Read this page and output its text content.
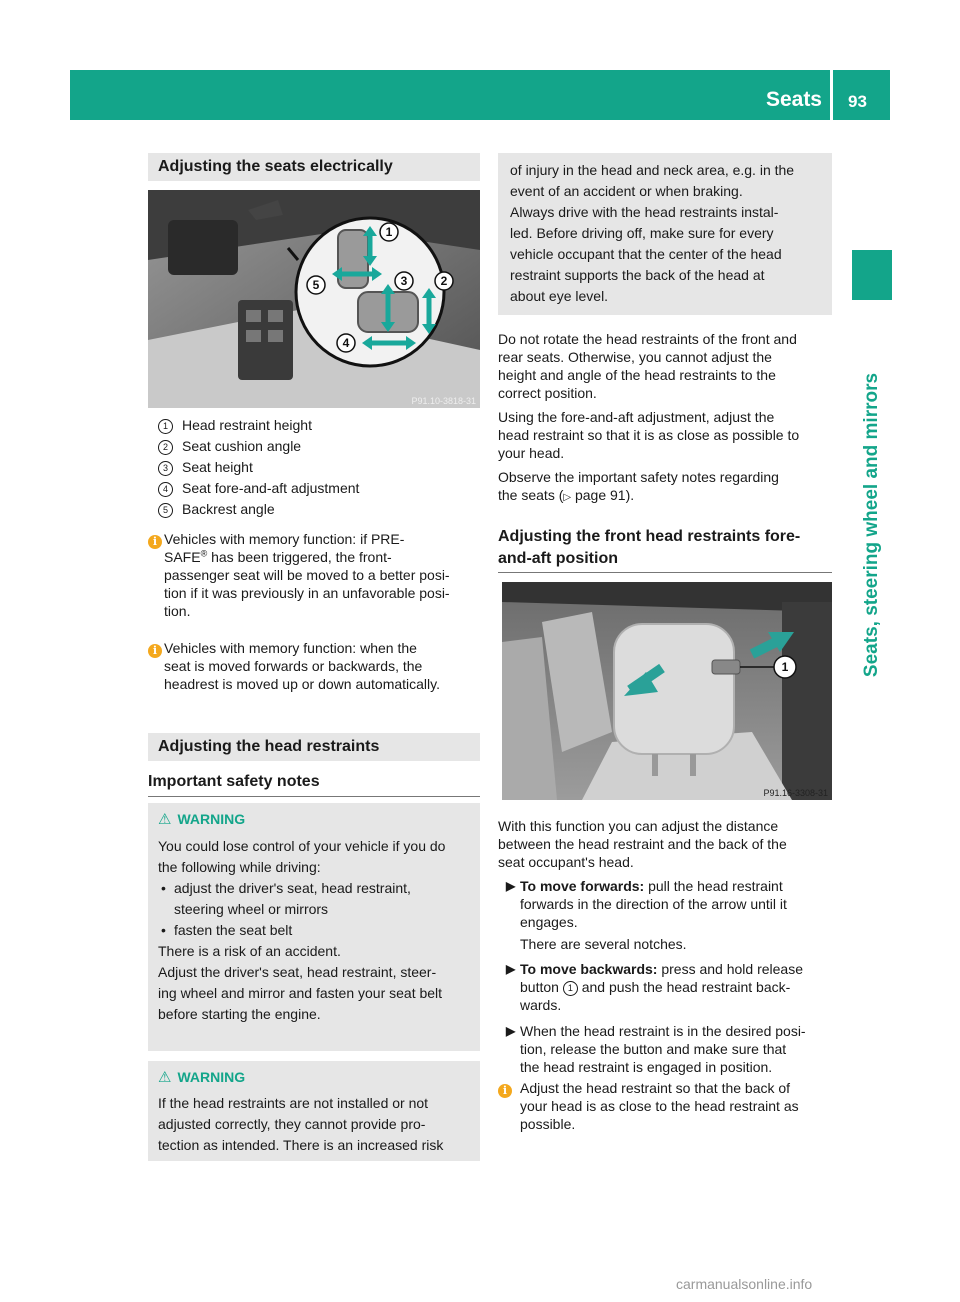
Seats 93
Seats, steering wheel and mirrors
Adjusting the seats electrically
1
2
3
4
5
P91.10-3818-31
1 Head restraint height
2 Seat cushion angle
3 Seat height
4 Seat fore-and-aft adjustment
5 Backrest angle
i Vehicles with memory function: if PRE-
SAFE® has been triggered, the front-
passenger seat will be moved to a better posi-
tion if it was previously in an unfavorable posi-
tion.
i Vehicles with memory function: when the
seat is moved forwards or backwards, the
headrest is moved up or down automatically.
Adjusting the head restraints
Important safety notes
⚠ WARNING
You could lose control of your vehicle if you do
the following while driving:
• adjust the driver's seat, head restraint,
steering wheel or mirrors
• fasten the seat belt
There is a risk of an accident.
Adjust the driver's seat, head restraint, steer-
ing wheel and mirror and fasten your seat belt
before starting the engine.
⚠ WARNING
If the head restraints are not installed or not
adjusted correctly, they cannot provide pro-
tection as intended. There is an increased risk
of injury in the head and neck area, e.g. in the
event of an accident or when braking.
Always drive with the head restraints instal-
led. Before driving off, make sure for every
vehicle occupant that the center of the head
restraint supports the back of the head at
about eye level.
Do not rotate the head restraints of the front and
rear seats. Otherwise, you cannot adjust the
height and angle of the head restraints to the
correct position.
Using the fore-and-aft adjustment, adjust the
head restraint so that it is as close as possible to
your head.
Observe the important safety notes regarding
the seats (▷ page 91).
Adjusting the front head restraints fore-
and-aft position
1
P91.16-3308-31
With this function you can adjust the distance
between the head restraint and the back of the
seat occupant's head.
▶ To move forwards: pull the head restraint
forwards in the direction of the arrow until it
engages.
There are several notches.
▶ To move backwards: press and hold release
button 1 and push the head restraint back-
wards.
▶ When the head restraint is in the desired posi-
tion, release the button and make sure that
the head restraint is engaged in position.
i Adjust the head restraint so that the back of
your head is as close to the head restraint as
possible.
carmanualsonline.info
